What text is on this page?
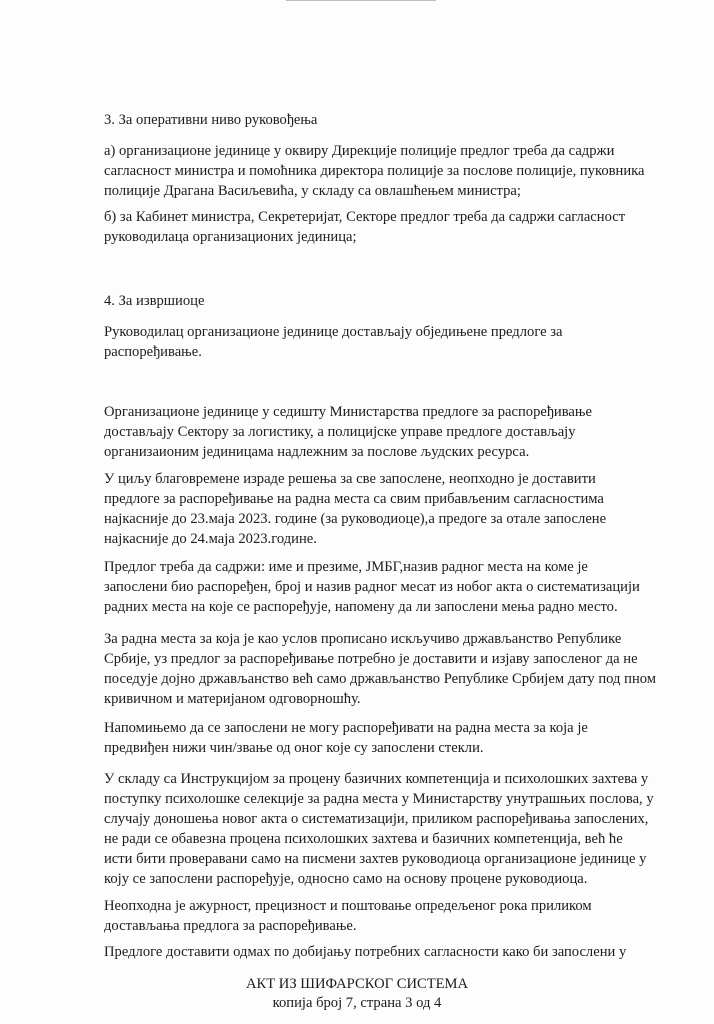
3. За оперативни ниво руковођења

а) организационе јединице у оквиру Дирекције полиције предлог треба да садржи
сагласност министра и помоћника директора полиције за послове полиције, пуковника
полиције Драгана Васиљевића, у складу са овлашћењем министра;

б) за Кабинет министра, Секретеријат, Секторе предлог треба да садржи сагласност
руководилаца организационих јединица;

4. За извршиоце

Руководилац организационе јединице достављају обједињене предлоге за
распоређивање.

Организационе јединице у седишту Министарства предлоге за распоређивање
достављају Сектору за логистику, а полицијске управе предлоге достављају
организаионим јединицама надлежним за послове људских ресурса.

У циљу благовремене израде решења за све запослене, неопходно је доставити
предлоге за распоређивање на радна места са свим прибављеним сагласностима
најкасније до 23.маја 2023. године (за руководиоце),а предоге за отале запослене
најкасније до 24.маја 2023.године.

Предлог треба да садржи: име и презиме, ЈМБГ,назив радног места на коме је
запослени био распоређен, број и назив радног месат из нобог акта о систематизацији
радних места на које се распоређује, напомену да ли запослени мења радно место.

За радна места за која је као услов прописано искључиво држављанство Републике
Србије, уз предлог за распоређивање потребно је доставити и изјаву запосленог да не
поседује дојно држављанство већ само држављанство Републике Србијем дату под пном
кривичном и материјаном одговорношћу.

Напомињемо да се запослени не могу распоређивати на радна места за која је
предвиђен нижи чин/звање од оног које су запослени стекли.

У складу са Инструкцијом за процену базичних компетенција и психолошких захтева у
поступку психолошке селекције за радна места у Министарству унутрашњих послова, у
случају доношења новог акта о систематизацији, приликом распоређивања запослених,
не ради се обавезна процена психолошких захтева и базичних компетенција, већ ће
исти бити проверавани само на писмени захтев руководиоца организационе јединице у
коју се запослени распоређује, односно само на основу процене руководиоца.

Неопходна је ажурност, прецизност и поштовање опредељеног рока приликом
достављања предлога за распоређивање.

Предлоге доставити одмах по добијању потребних сагласности како би запослени у

АКТ ИЗ ШИФАРСКОГ СИСТЕМА
копија број 7, страна 3 од 4
